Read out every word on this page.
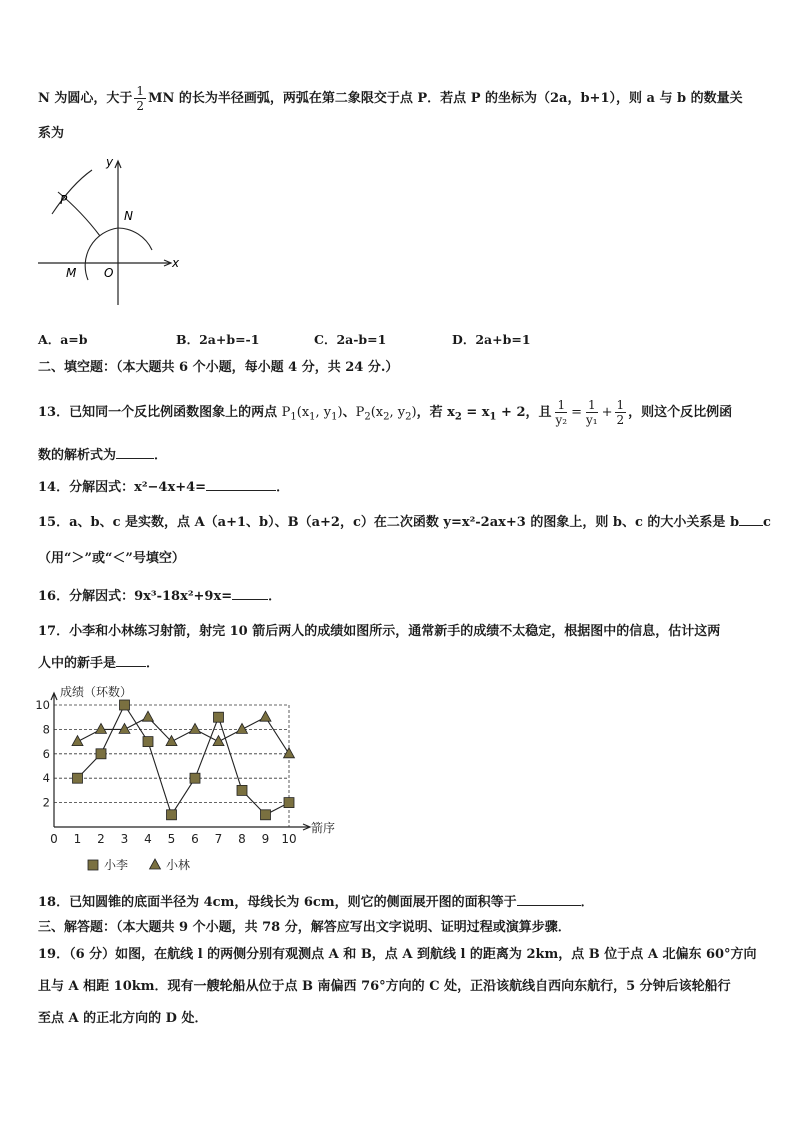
N 为圆心，大于 $\frac{1}{2}$ MN 的长为半径画弧，两弧在第二象限交于点 P．若点 P 的坐标为（2a，b+1），则 a 与 b 的数量关
系为
y
x
P
N
M O
A．a=b	B．2a+b=-1	C．2a-b=1	D．2a+b=1
二、填空题：（本大题共 6 个小题，每小题 4 分，共 24 分.）
13．已知同一个反比例函数图象上的两点 $P_1(x_1$, $y_1$)、$P_2(x_2$, $y_2$)，若 $x_2 = x_1 + 2$，且 $\frac{1}{\text{y₂}} = \frac{1}{\text{y₁}} + \frac{1}{2}$ ，则这个反比例函
数的解析式为	．
14．分解因式：x²−4x+4=	．
15．a、b、c 是实数，点 A（a+1、b）、B（a+2，c）在二次函数 y=x²-2ax+3 的图象上，则 b、c 的大小关系是 b c
（用“＞”或“＜”号填空）
16．分解因式：9x³-18x²+9x=	．
17．小李和小林练习射箭，射完 10 箭后两人的成绩如图所示，通常新手的成绩不太稳定，根据图中的信息，估计这两
人中的新手是 ．
成绩（环数）
2
4
6
8
10
0 1 2 3 4 5 6 7 8 9 10
箭序
小李	小林
18．已知圆锥的底面半径为 4cm，母线长为 6cm，则它的侧面展开图的面积等于	．
三、解答题：（本大题共 9 个小题，共 78 分，解答应写出文字说明、证明过程或演算步骤．
19．（6 分）如图，在航线 l 的两侧分别有观测点 A 和 B，点 A 到航线 l 的距离为 2km，点 B 位于点 A 北偏东 60°方向
且与 A 相距 10km．现有一艘轮船从位于点 B 南偏西 76°方向的 C 处，正沿该航线自西向东航行，5 分钟后该轮船行
至点 A 的正北方向的 D 处．
